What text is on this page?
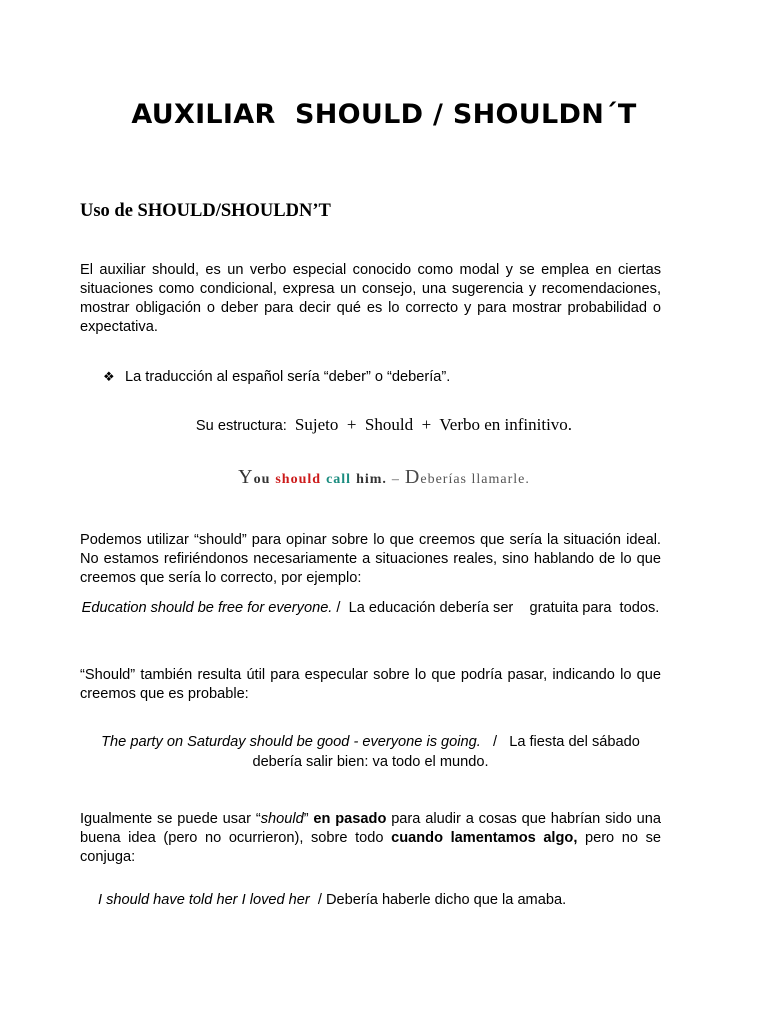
AUXILIAR  SHOULD / SHOULDN´T
Uso de SHOULD/SHOULDN’T
El auxiliar should, es un verbo especial conocido como modal y se emplea en ciertas situaciones como condicional, expresa un consejo, una sugerencia y recomendaciones, mostrar obligación o deber para decir qué es lo correcto y para mostrar probabilidad o expectativa.
❖ La traducción al español sería “deber” o “debería”.
Su estructura: Sujeto  +  Should  +  Verbo en infinitivo.
You should call him. – Deberías llamarle.
Podemos utilizar “should” para opinar sobre lo que creemos que sería la situación ideal. No estamos refiriéndonos necesariamente a situaciones reales, sino hablando de lo que creemos que sería lo correcto, por ejemplo:
Education should be free for everyone. /  La educación debería ser    gratuita para  todos.
“Should” también resulta útil para especular sobre lo que podría pasar, indicando lo que creemos que es probable:
The party on Saturday should be good - everyone is going.   /   La fiesta del sábado debería salir bien: va todo el mundo.
Igualmente se puede usar “should” en pasado para aludir a cosas que habrían sido una buena idea (pero no ocurrieron), sobre todo cuando lamentamos algo, pero no se conjuga:
I should have told her I loved her  / Debería haberle dicho que la amaba.
